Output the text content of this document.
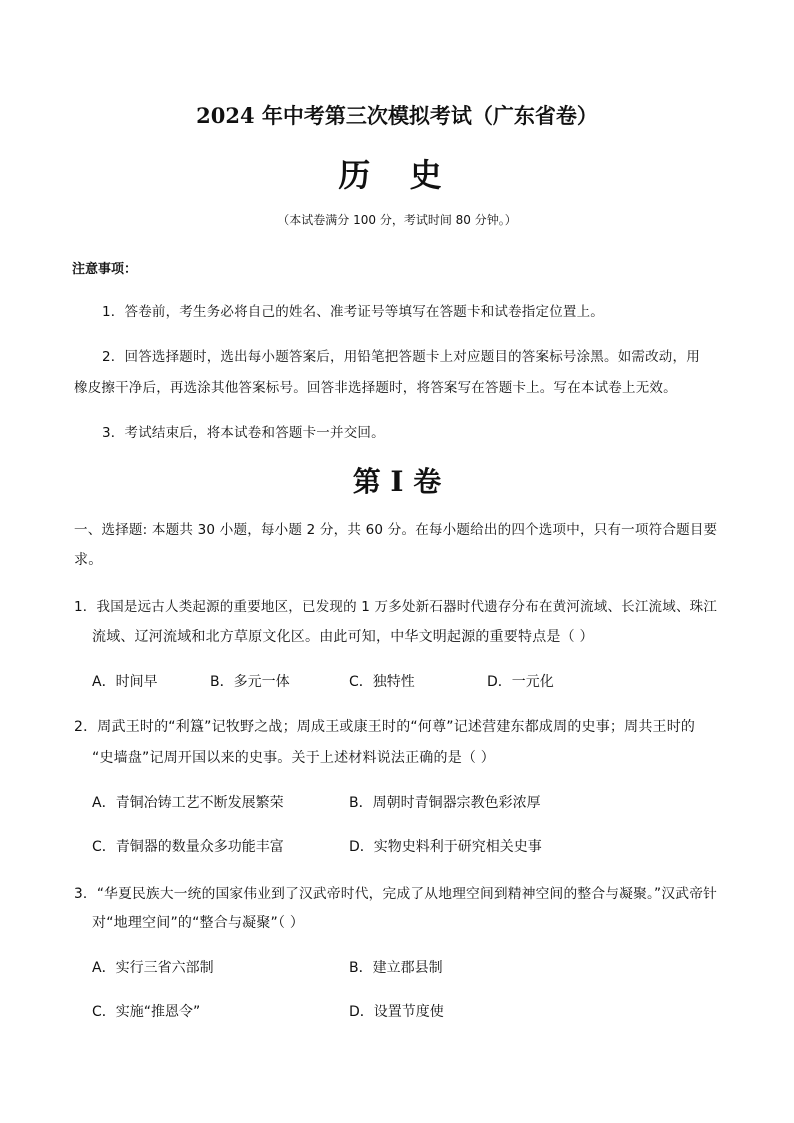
2024 年中考第三次模拟考试（广东省卷）
历 史
（本试卷满分 100 分，考试时间 80 分钟。）
注意事项：
1．答卷前，考生务必将自己的姓名、准考证号等填写在答题卡和试卷指定位置上。
2．回答选择题时，选出每小题答案后，用铅笔把答题卡上对应题目的答案标号涂黑。如需改动，用
橡皮擦干净后，再选涂其他答案标号。回答非选择题时，将答案写在答题卡上。写在本试卷上无效。
3．考试结束后，将本试卷和答题卡一并交回。
第 I 卷
一、选择题: 本题共 30 小题，每小题 2 分，共 60 分。在每小题给出的四个选项中，只有一项符合题目要
求。
1．我国是远古人类起源的重要地区，已发现的 1 万多处新石器时代遗存分布在黄河流域、长江流域、珠江
流域、辽河流域和北方草原文化区。由此可知，中华文明起源的重要特点是（ ）
A．时间早	B．多元一体	C．独特性	D．一元化
2．周武王时的“利簋”记牧野之战；周成王或康王时的“何尊”记述营建东都成周的史事；周共王时的
“史墙盘”记周开国以来的史事。关于上述材料说法正确的是（ ）
A．青铜冶铸工艺不断发展繁荣	B．周朝时青铜器宗教色彩浓厚
C．青铜器的数量众多功能丰富	D．实物史料利于研究相关史事
3．“华夏民族大一统的国家伟业到了汉武帝时代，完成了从地理空间到精神空间的整合与凝聚。”汉武帝针
对“地理空间”的“整合与凝聚”（ ）
A．实行三省六部制	B．建立郡县制
C．实施“推恩令”	D．设置节度使
